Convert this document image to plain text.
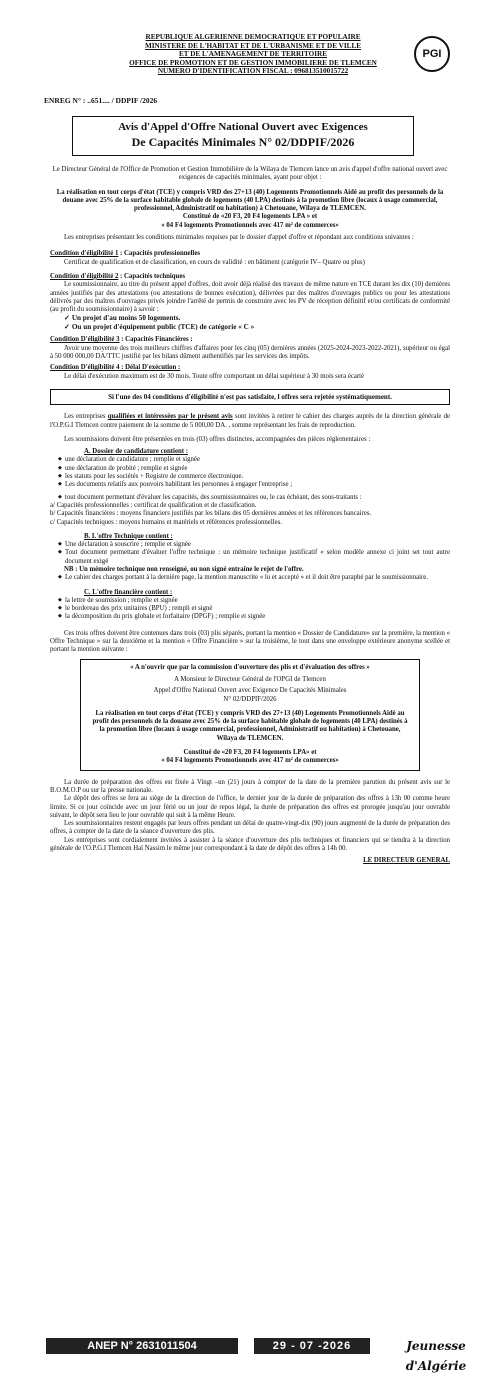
REPUBLIQUE ALGERIENNE DEMOCRATIQUE ET POPULAIRE
MINISTERE DE L'HABITAT ET DE L'URBANISME ET DE VILLE
ET DE L'AMENAGEMENT DE TERRITOIRE
OFFICE DE PROMOTION ET DE GESTION IMMOBILIERE DE TLEMCEN
NUMERO D'IDENTIFICATION FISCAL : 096813510015722
PGI
ENREG N° : ..651.... / DDPIF /2026
Avis d'Appel d'Offre National Ouvert avec Exigences
De Capacités Minimales N° 02/DDPIF/2026

Le Directeur Général de l'Office de Promotion et Gestion Immobilière de la Wilaya de Tlemcen lance un avis d'appel d'offre national ouvert avec exigences de capacités minimales, ayant pour objet :

La réalisation en tout corps d'état (TCE) y compris VRD des 27+13 (40) Logements Promotionnels Aidé au profit des personnels de la douane avec 25% de la surface habitable globale de logements (40 LPA) destinés à la promotion libre (locaux à usage commercial, professionnel, Administratif ou habitation) à Chetouane, Wilaya de TLEMCEN.

Constitué de «20 F3, 20 F4 logements LPA » et

« 04 F4 logements Promotionnels avec 417 m² de commerces»

Les entreprises présentant les conditions minimales requises par le dossier d'appel d'offre et répondant aux conditions suivantes :

Condition d'éligibilité 1 : Capacités professionnelles

Certificat de qualification et de classification, en cours de validité : en bâtiment (catégorie IV– Quatre ou plus)

Condition d'éligibilité 2 : Capacités techniques

Le soumissionnaire, au titre du présent appel d'offres, doit avoir déjà réalisé des travaux de même nature en TCE durant les dix (10) dernières années justifiés par des attestations (ou attestations de bonnes exécution), délivrées par des maîtres d'ouvrages publics ou pour les attestations délivrés par des maîtres d'ouvrages privés joindre l'arrêté de permis de construire avec les PV de réception définitif et/ou certificats de conformité (au profit du soumissionnaire) à savoir :

✓ Un projet d'au moins 50 logements.

✓ Ou un projet d'équipement public (TCE) de catégorie « C »

Condition D'éligibilité 3 : Capacités Financières :

Avoir une moyenne des trois meilleurs chiffres d'affaires pour les cinq (05) dernières années (2025-2024-2023-2022-2021), supérieur ou égal à 50 000 000,00 DA/TTC justifié par les bilans dûment authentifiés par les services des impôts.

Condition D'éligibilité 4 : Délai D'exécution :

Le délai d'exécution maximum est de 30 mois. Toute offre comportant un délai supérieur à 30 mois sera écarté

Si l'une des 04 conditions d'éligibilité n'est pas satisfaite, l offres sera rejetée systématiquement.

Les entreprises qualifiées et intéressées par le présent avis sont invitées à retirer le cahier des charges auprès de la direction générale de l'O.P.G.I Tlemcen contre paiement de la somme de 5 000,00 DA. , somme représentant les frais de reproduction.

Les soumissions doivent être présentées en trois (03) offres distinctes, accompagnées des pièces réglementaires :

A. Dossier de candidature contient :

◆ une déclaration de candidature ; remplie et signée
◆ une déclaration de probité ; remplie et signée
◆ les statuts pour les sociétés + Registre de commerce électronique.
◆ Les documents relatifs aux pouvoirs habilitant les personnes à engager l'entreprise ;
◆ tout document permettant d'évaluer les capacités, des soumissionnaires ou, le cas échéant, des sous-traitants :

a/ Capacités professionnelles : certificat de qualification et de classification.

b/ Capacités financières : moyens financiers justifiés par les bilans des 05 dernières années et les références bancaires.

c/ Capacités techniques : moyens humains et matériels et références professionnelles.

B. L'offre Technique contient :

◆ Une déclaration à souscrire ; remplie et signée
◆ Tout document permettant d'évaluer l'offre technique : un mémoire technique justificatif « selon modèle annexe ci joint set tout autre document exigé

NB : Un mémoire technique non renseigné, ou non signé entraîne le rejet de l'offre.

◆ Le cahier des charges portant à la dernière page, la mention manuscrite « lu et accepté » et il doit être paraphé par le soumissionnaire.

C. L'offre financière contient :

◆ la lettre de soumission ; remplie et signée
◆ le bordereau des prix unitaires (BPU) ; rempli et signé
◆ la décomposition du prix globale et forfaitaire (DPGF) ; remplie et signée

Ces trois offres doivent être contenues dans trois (03) plis séparés, portant la mention « Dossier de Candidature» sur la première, la mention « Offre Technique » sur la deuxième et la mention « Offre Financière » sur la troisième, le tout dans une enveloppe extérieure anonyme scellée et portant la mention suivante :

« A n'ouvrir que par la commission d'ouverture des plis et d'évaluation des offres »

A Monsieur le Directeur Général de l'OPGI de Tlemcen

Appel d'Offre National Ouvert avec Exigence De Capacités Minimales

N° 02/DDPIF/2026

La réalisation en tout corps d'état (TCE) y compris VRD des 27+13 (40) Logements Promotionnels Aidé au profit des personnels de la douane avec 25% de la surface habitable globale de logements (40 LPA) destinés à la promotion libre (locaux à usage commercial, professionnel, Administratif ou habitation) à Chetouane, Wilaya de TLEMCEN.

Constitué de «20 F3, 20 F4 logements LPA» et

« 04 F4 logements Promotionnels avec 417 m² de commerces»

La durée de préparation des offres est fixée à Vingt –un (21) jours à compter de la date de la première parution du présent avis sur le B.O.M.O.P ou sur la presse nationale.

Le dépôt des offres se fera au siège de la direction de l'office, le dernier jour de la durée de préparation des offres à 13h 00 comme heure limite. Si ce jour coïncide avec un jour férié ou un jour de repos légal, la durée de préparation des offres est prorogée jusqu'au jour ouvrable suivant, le dépôt sera lieu le jour ouvrable qui suit à la même Heure.

Les soumissionnaires restent engagés par leurs offres pendant un délai de quatre-vingt-dix (90) jours augmenté de la durée de préparation des offres, à compter de la date de la séance d'ouverture des plis.

Les entreprises sont cordialement invitées à assister à la séance d'ouverture des plis techniques et financiers qui se tiendra à la direction générale de l'O.P.G.I Tlemcen Haï Nassim le même jour correspondant à la date de dépôt des offres à 14h 00.

LE DIRECTEUR GENERAL

ANEP N° 2631011504	29 - 07 -2026	Jeunesse d'Algérie
